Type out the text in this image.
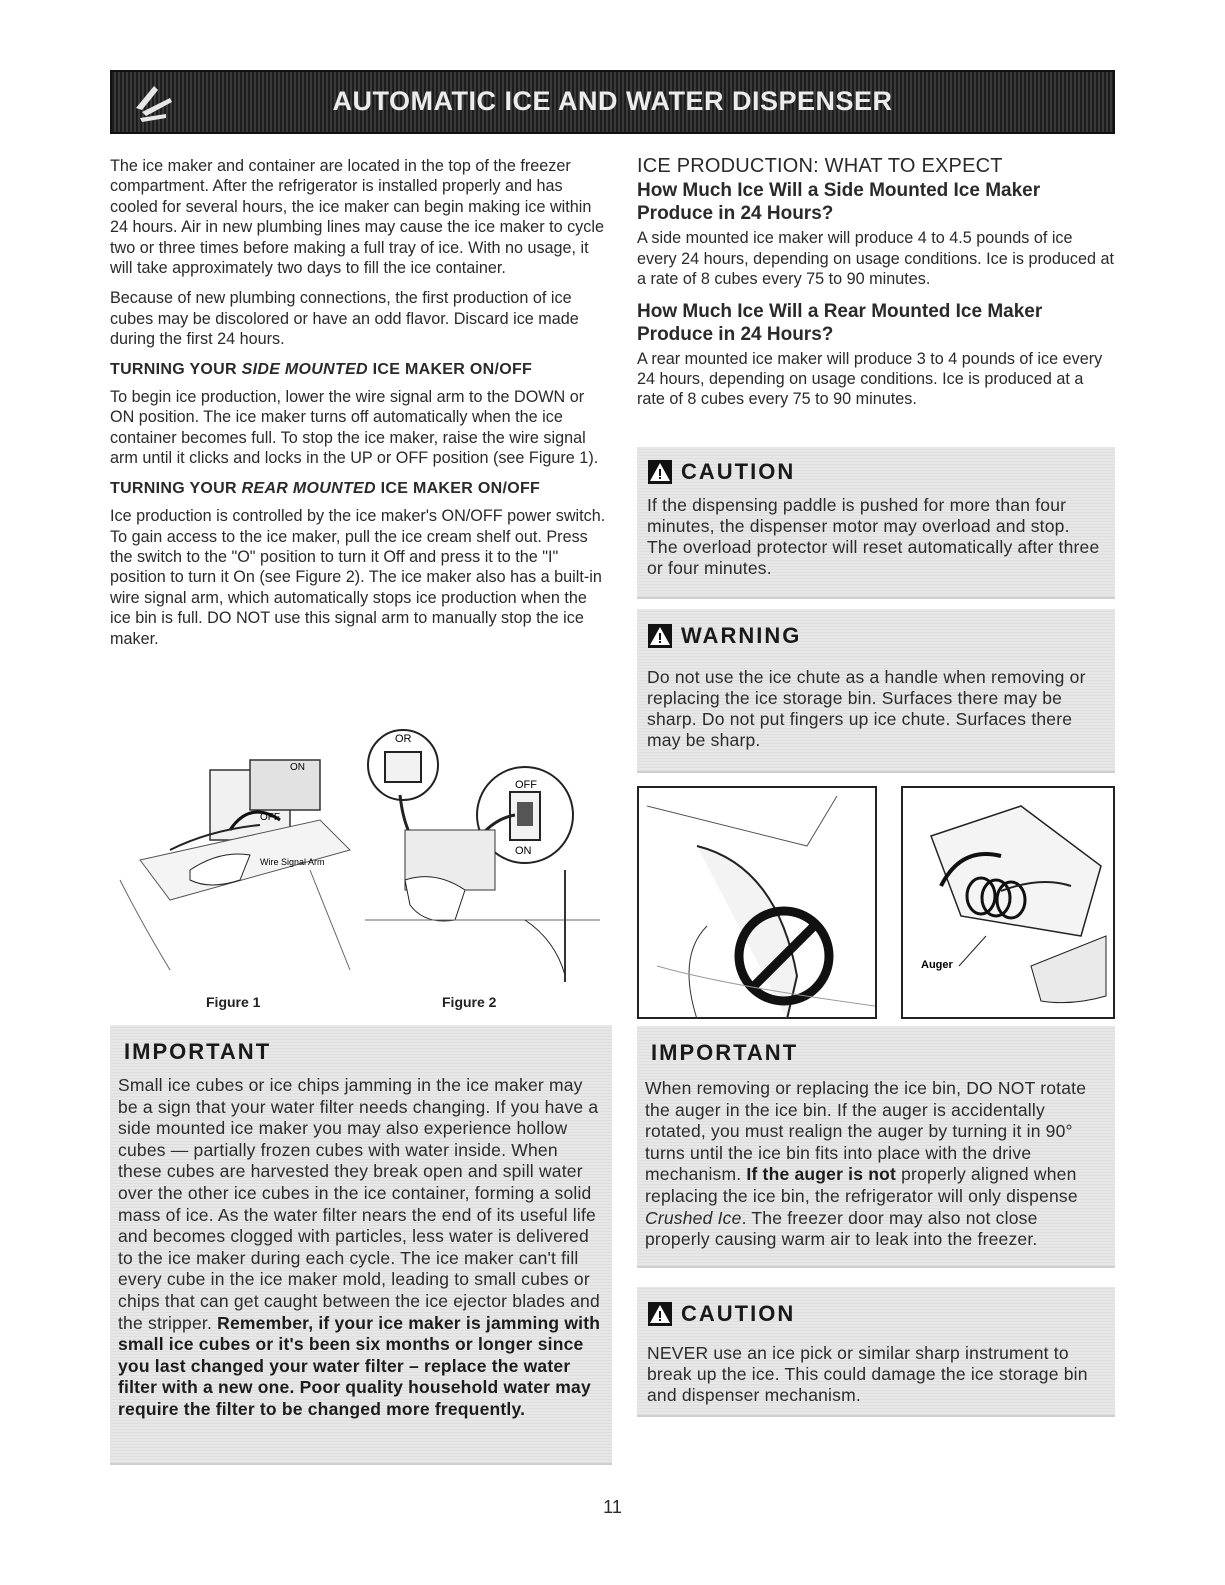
AUTOMATIC ICE AND WATER DISPENSER

The ice maker and container are located in the top of the freezer compartment. After the refrigerator is installed properly and has cooled for several hours, the ice maker can begin making ice within 24 hours. Air in new plumbing lines may cause the ice maker to cycle two or three times before making a full tray of ice. With no usage, it will take approximately two days to fill the ice container.

Because of new plumbing connections, the first production of ice cubes may be discolored or have an odd flavor. Discard ice made during the first 24 hours.

TURNING YOUR SIDE MOUNTED ICE MAKER ON/OFF

To begin ice production, lower the wire signal arm to the DOWN or ON position. The ice maker turns off automatically when the ice container becomes full. To stop the ice maker, raise the wire signal arm until it clicks and locks in the UP or OFF position (see Figure 1).

TURNING YOUR REAR MOUNTED ICE MAKER ON/OFF

Ice production is controlled by the ice maker's ON/OFF power switch. To gain access to the ice maker, pull the ice cream shelf out. Press the switch to the "O" position to turn it Off and press it to the "I" position to turn it On (see Figure 2). The ice maker also has a built-in wire signal arm, which automatically stops ice production when the ice bin is full. DO NOT use this signal arm to manually stop the ice maker.

ON
OFF
Wire Signal Arm
Figure 1
OR
OFF
ON
Figure 2
ICE PRODUCTION: WHAT TO EXPECT
How Much Ice Will a Side Mounted Ice Maker Produce in 24 Hours?

A side mounted ice maker will produce 4 to 4.5 pounds of ice every 24 hours, depending on usage conditions. Ice is produced at a rate of 8 cubes every 75 to 90 minutes.

How Much Ice Will a Rear Mounted Ice Maker Produce in 24 Hours?

A rear mounted ice maker will produce 3 to 4 pounds of ice every 24 hours, depending on usage conditions. Ice is produced at a rate of 8 cubes every 75 to 90 minutes.

CAUTION
If the dispensing paddle is pushed for more than four minutes, the dispenser motor may overload and stop. The overload protector will reset automatically after three or four minutes.
WARNING
Do not use the ice chute as a handle when removing or replacing the ice storage bin. Surfaces there may be sharp. Do not put fingers up ice chute. Surfaces there may be sharp.
Auger
IMPORTANT
Small ice cubes or ice chips jamming in the ice maker may be a sign that your water filter needs changing. If you have a side mounted ice maker you may also experience hollow cubes — partially frozen cubes with water inside. When these cubes are harvested they break open and spill water over the other ice cubes in the ice container, forming a solid mass of ice. As the water filter nears the end of its useful life and becomes clogged with particles, less water is delivered to the ice maker during each cycle. The ice maker can't fill every cube in the ice maker mold, leading to small cubes or chips that can get caught between the ice ejector blades and the stripper. Remember, if your ice maker is jamming with small ice cubes or it's been six months or longer since you last changed your water filter – replace the water filter with a new one. Poor quality household water may require the filter to be changed more frequently.
IMPORTANT
When removing or replacing the ice bin, DO NOT rotate the auger in the ice bin. If the auger is accidentally rotated, you must realign the auger by turning it in 90° turns until the ice bin fits into place with the drive mechanism. If the auger is not properly aligned when replacing the ice bin, the refrigerator will only dispense Crushed Ice. The freezer door may also not close properly causing warm air to leak into the freezer.
CAUTION
NEVER use an ice pick or similar sharp instrument to break up the ice. This could damage the ice storage bin and dispenser mechanism.
11
